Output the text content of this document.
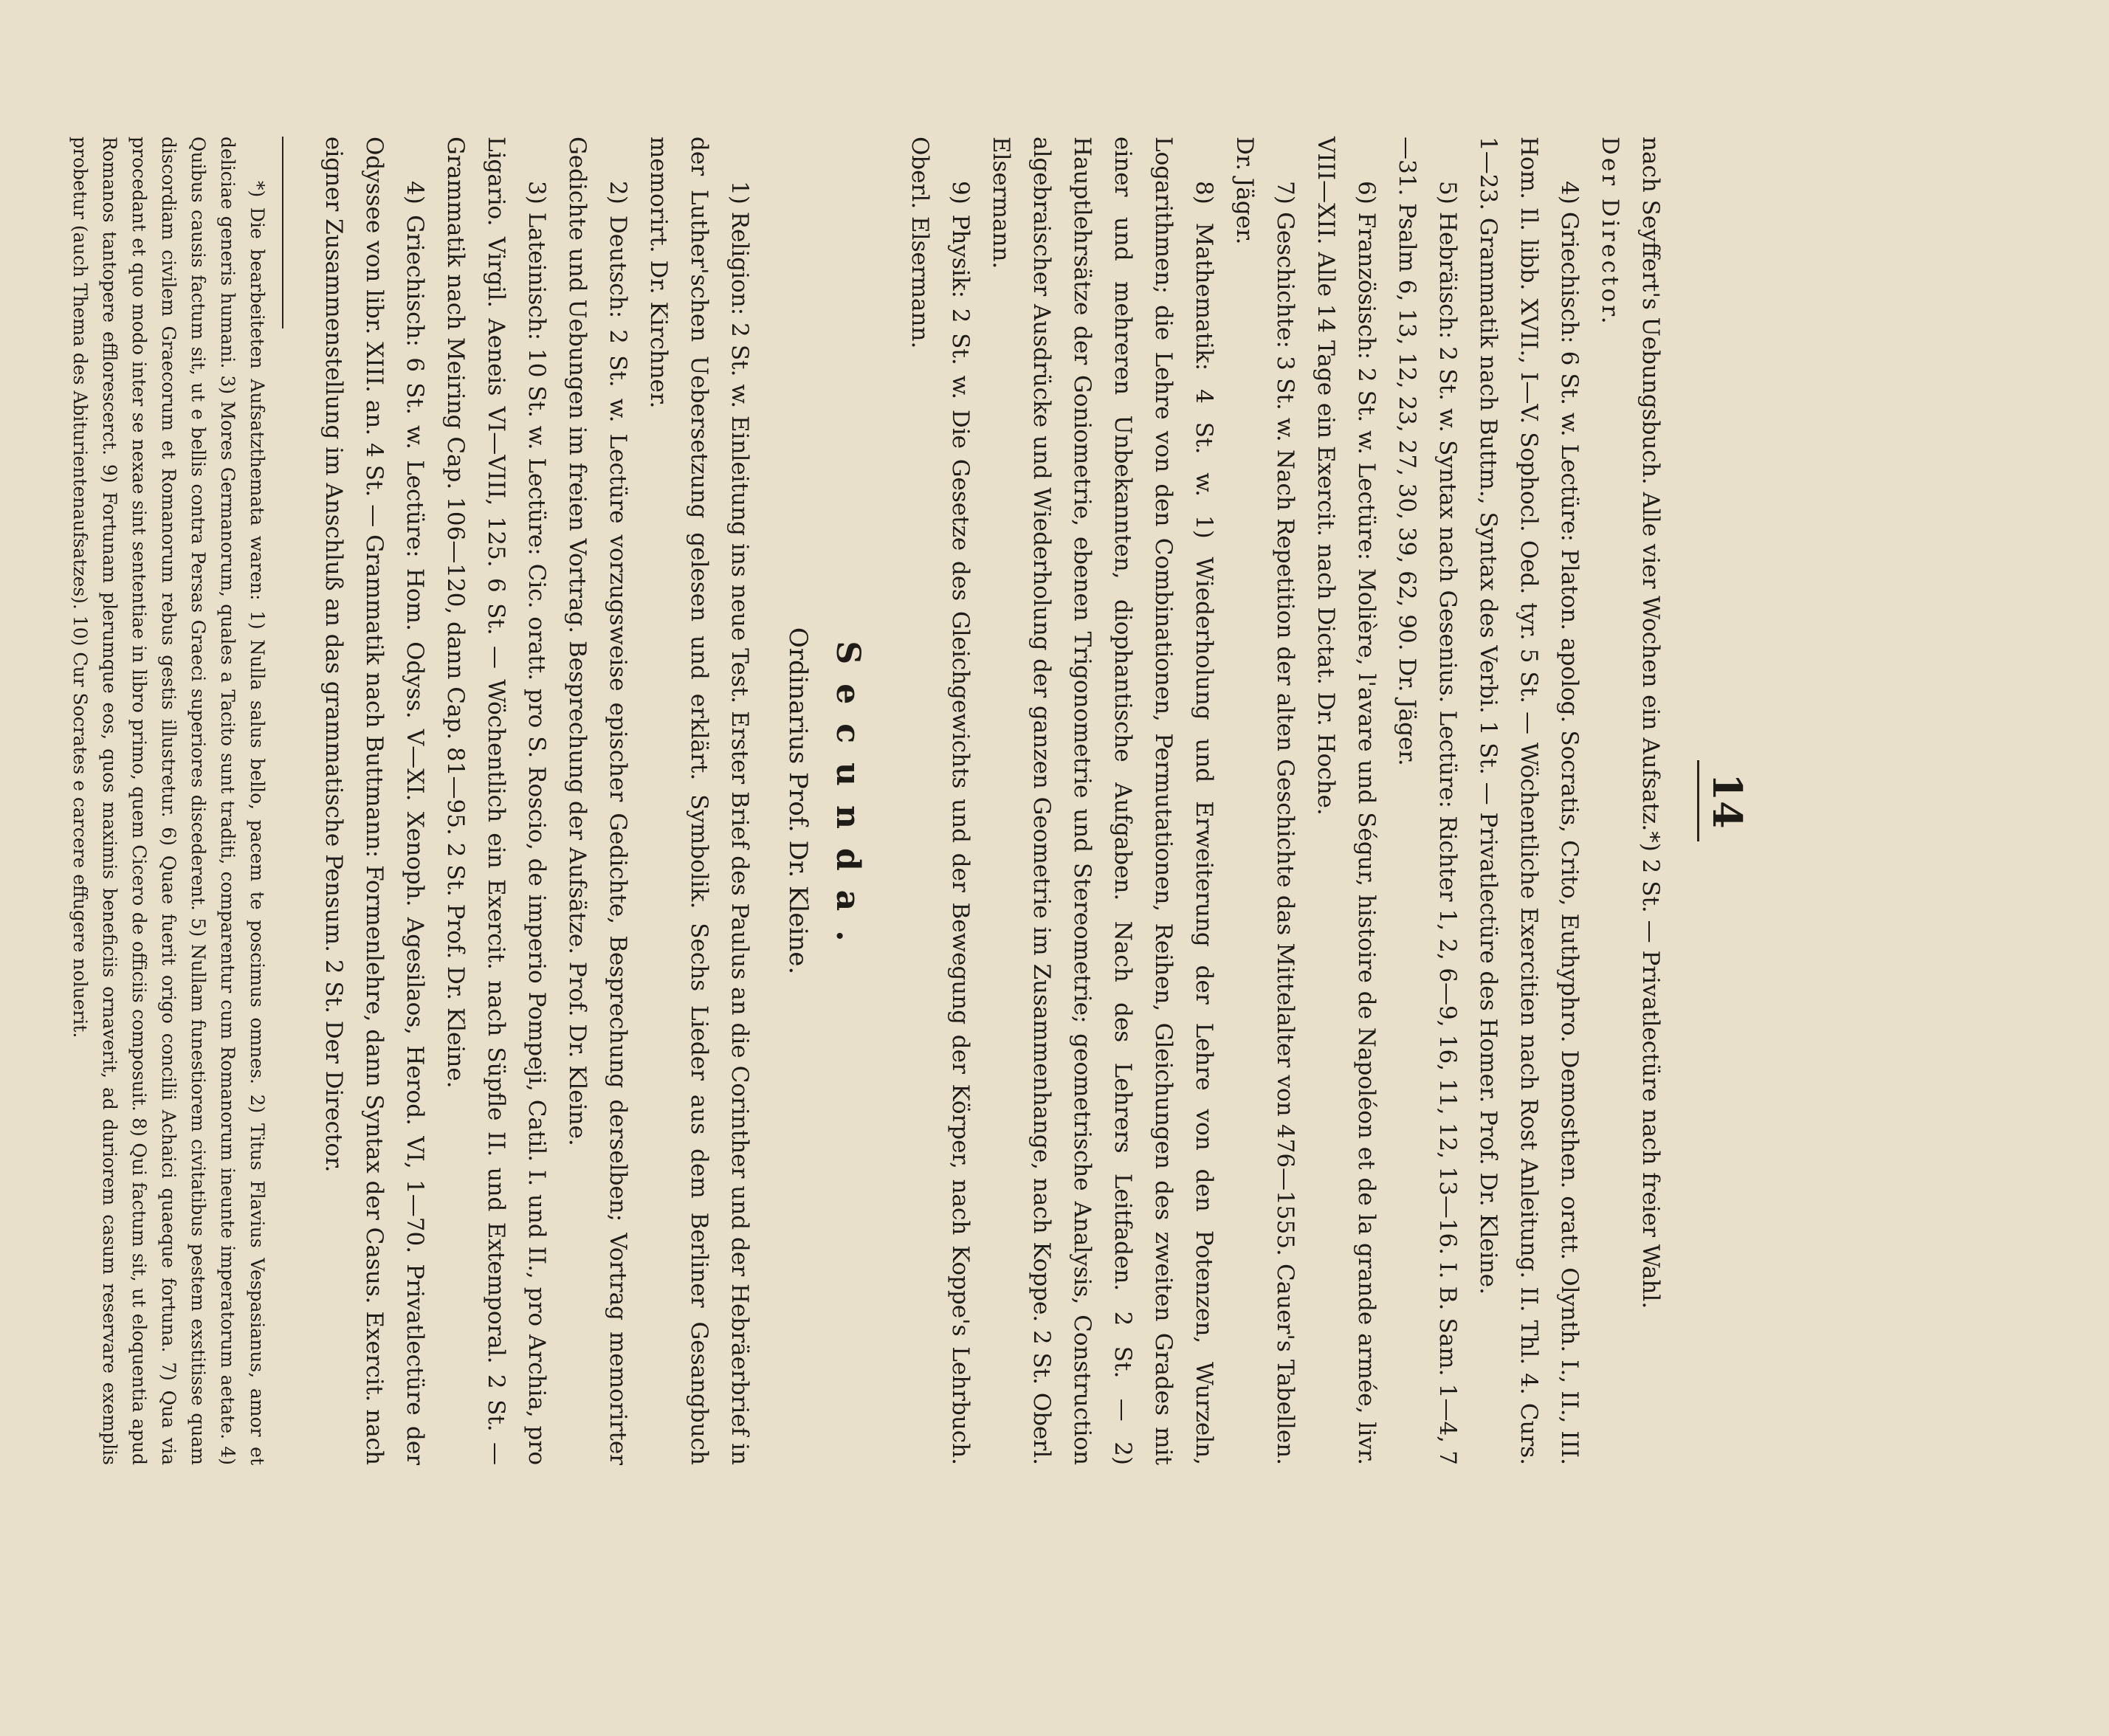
14

nach Seyffert's Uebungsbuch. Alle vier Wochen ein Aufsatz.*) 2 St. — Privatlectüre nach freier Wahl.

Der Director.

4) Griechisch: 6 St. w. Lectüre: Platon. apolog. Socratis, Crito, Euthyphro. Demosthen. oratt. Olynth. I., II., III. Hom. Il. libb. XVII., I—V. Sophocl. Oed. tyr. 5 St. — Wöchentliche Exercitien nach Rost Anleitung. II. Thl. 4. Curs. 1—23. Grammatik nach Buttm., Syntax des Verbi. 1 St. — Privatlectüre des Homer. Prof. Dr. Kleine.

5) Hebräisch: 2 St. w. Syntax nach Gesenius. Lectüre: Richter 1, 2, 6—9, 16, 11, 12, 13—16. I. B. Sam. 1—4, 7—31. Psalm 6, 13, 12, 23, 27, 30, 39, 62, 90. Dr. Jäger.

6) Französisch: 2 St. w. Lectüre: Molière, l'avare und Ségur, histoire de Napoléon et de la grande armée, livr. VIII—XII. Alle 14 Tage ein Exercit. nach Dictat. Dr. Hoche.

7) Geschichte: 3 St. w. Nach Repetition der alten Geschichte das Mittelalter von 476—1555. Cauer's Tabellen. Dr. Jäger.

8) Mathematik: 4 St. w. 1) Wiederholung und Erweiterung der Lehre von den Potenzen, Wurzeln, Logarithmen; die Lehre von den Combinationen, Permutationen, Reihen, Gleichungen des zweiten Grades mit einer und mehreren Unbekannten, diophantische Aufgaben. Nach des Lehrers Leitfaden. 2 St. — 2) Hauptlehrsätze der Goniometrie, ebenen Trigonometrie und Stereometrie; geometrische Analysis, Construction algebraischer Ausdrücke und Wiederholung der ganzen Geometrie im Zusammenhange, nach Koppe. 2 St. Oberl. Elsermann.

9) Physik: 2 St. w. Die Gesetze des Gleichgewichts und der Bewegung der Körper, nach Koppe's Lehrbuch. Oberl. Elsermann.

Secunda.
Ordinarius Prof. Dr. Kleine.

1) Religion: 2 St. w. Einleitung ins neue Test. Erster Brief des Paulus an die Corinther und der Hebräerbrief in der Luther'schen Uebersetzung gelesen und erklärt. Symbolik. Sechs Lieder aus dem Berliner Gesangbuch memorirt. Dr. Kirchner.

2) Deutsch: 2 St. w. Lectüre vorzugsweise epischer Gedichte, Besprechung derselben; Vortrag memorirter Gedichte und Uebungen im freien Vortrag. Besprechung der Aufsätze. Prof. Dr. Kleine.

3) Lateinisch: 10 St. w. Lectüre: Cic. oratt. pro S. Roscio, de imperio Pompeji, Catil. I. und II., pro Archia, pro Ligario. Virgil. Aeneis VI—VIII, 125. 6 St. — Wöchentlich ein Exercit. nach Süpfle II. und Extemporal. 2 St. — Grammatik nach Meiring Cap. 106—120, dann Cap. 81—95. 2 St. Prof. Dr. Kleine.

4) Griechisch: 6 St. w. Lectüre: Hom. Odyss. V—XI. Xenoph. Agesilaos, Herod. VI, 1—70. Privatlectüre der Odyssee von libr. XIII. an. 4 St. — Grammatik nach Buttmann: Formenlehre, dann Syntax der Casus. Exercit. nach eigner Zusammenstellung im Anschluß an das grammatische Pensum. 2 St. Der Director.

*) Die bearbeiteten Aufsatzthemata waren: 1) Nulla salus bello, pacem te poscimus omnes. 2) Titus Flavius Vespasianus, amor et deliciae generis humani. 3) Mores Germanorum, quales a Tacito sunt traditi, comparentur cum Romanorum ineunte imperatorum aetate. 4) Quibus causis factum sit, ut e bellis contra Persas Graeci superiores discederent. 5) Nullam funestiorem civitatibus pestem exstitisse quam discordiam civilem Graecorum et Romanorum rebus gestis illustretur. 6) Quae fuerit origo concilii Achaici quaeque fortuna. 7) Qua via procedant et quo modo inter se nexae sint sententiae in libro primo, quem Cicero de officiis composuit. 8) Qui factum sit, ut eloquentia apud Romanos tantopere efflorescerct. 9) Fortunam plerumque eos, quos maximis beneficiis ornaverit, ad duriorem casum reservare exemplis probetur (auch Thema des Abiturientenaufsatzes). 10) Cur Socrates e carcere effugere noluerit.
